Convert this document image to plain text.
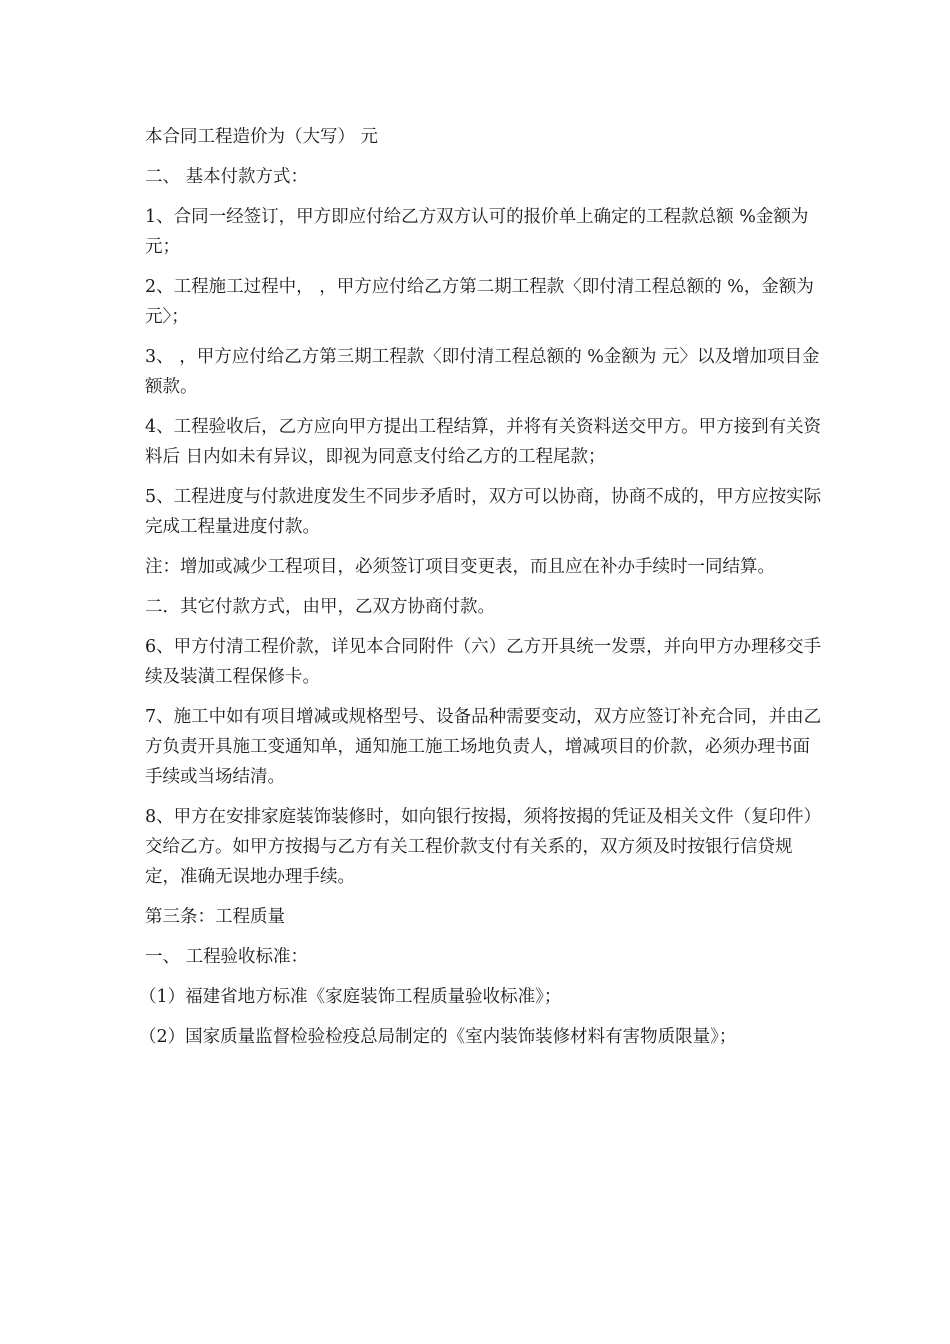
本合同工程造价为（大写） 元

二、 基本付款方式：

1、合同一经签订，甲方即应付给乙方双方认可的报价单上确定的工程款总额 %金额为 元；

2、工程施工过程中， ，甲方应付给乙方第二期工程款〈即付清工程总额的 %，金额为 元〉；

3、 ，甲方应付给乙方第三期工程款〈即付清工程总额的 %金额为 元〉以及增加项目金额款。

4、工程验收后，乙方应向甲方提出工程结算，并将有关资料送交甲方。甲方接到有关资料后 日内如未有异议，即视为同意支付给乙方的工程尾款；

5、工程进度与付款进度发生不同步矛盾时，双方可以协商，协商不成的，甲方应按实际完成工程量进度付款。

注：增加或减少工程项目，必须签订项目变更表，而且应在补办手续时一同结算。

二．其它付款方式，由甲，乙双方协商付款。

6、甲方付清工程价款，详见本合同附件（六）乙方开具统一发票，并向甲方办理移交手续及装潢工程保修卡。

7、施工中如有项目增减或规格型号、设备品种需要变动，双方应签订补充合同，并由乙方负责开具施工变通知单，通知施工施工场地负责人，增减项目的价款，必须办理书面手续或当场结清。

8、甲方在安排家庭装饰装修时，如向银行按揭，须将按揭的凭证及相关文件（复印件）交给乙方。如甲方按揭与乙方有关工程价款支付有关系的，双方须及时按银行信贷规定，准确无误地办理手续。

第三条：工程质量

一、 工程验收标准：

（1）福建省地方标准《家庭装饰工程质量验收标准》；

（2）国家质量监督检验检疫总局制定的《室内装饰装修材料有害物质限量》；
